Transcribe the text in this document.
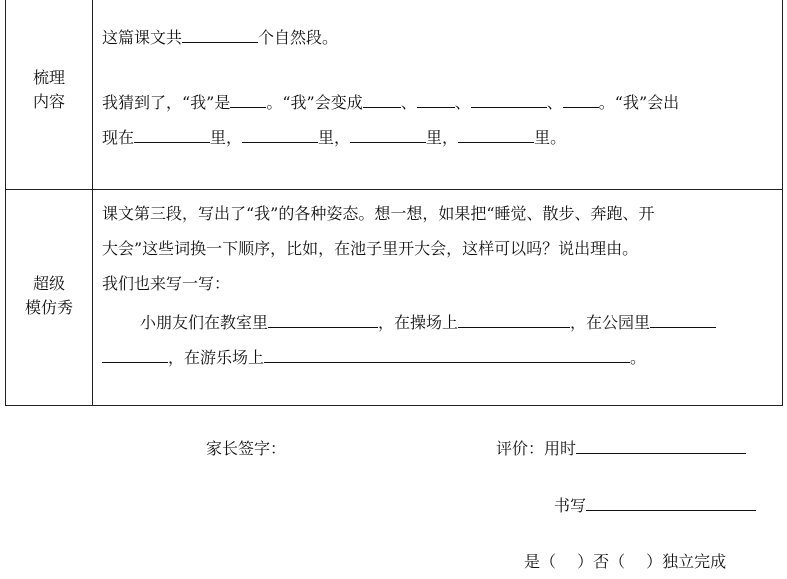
梳理
内容
这篇课文共	个自然段。
我猜到了，“我”是 。“我”会变成 、 、	、 。“我”会出
现在	里，	里，	里，	里。
超级
模仿秀
课文第三段，写出了“我”的各种姿态。想一想，如果把“睡觉、散步、奔跑、开
大会”这些词换一下顺序，比如，在池子里开大会，这样可以吗？说出理由。
我们也来写一写：
小朋友们在教室里	，在操场上	，在公园里
，在游乐场上	。
家长签字：	评价：用时
书写
是（　 ）否（　 ）独立完成
